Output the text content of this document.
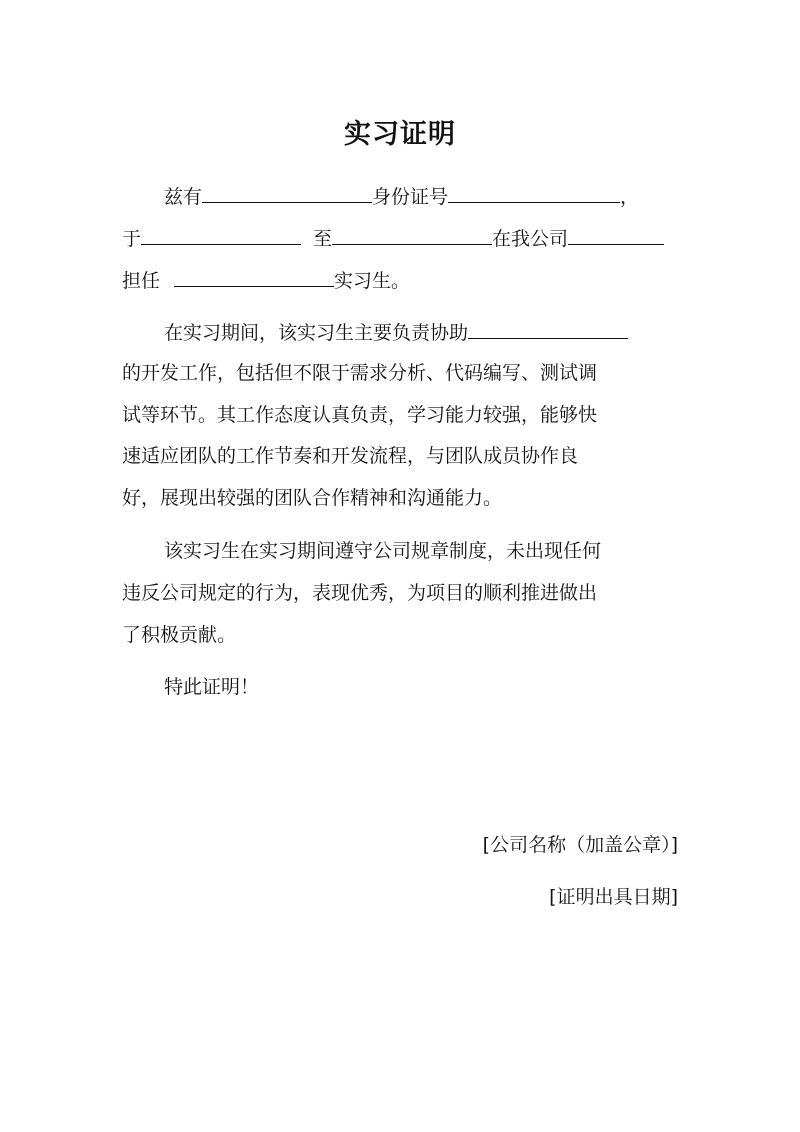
实习证明
兹有	身份证号	，
于	至	在我公司
担任	实习生。
在实习期间，该实习生主要负责协助
的开发工作，包括但不限于需求分析、代码编写、测试调
试等环节。其工作态度认真负责，学习能力较强，能够快
速适应团队的工作节奏和开发流程，与团队成员协作良
好，展现出较强的团队合作精神和沟通能力。
该实习生在实习期间遵守公司规章制度，未出现任何
违反公司规定的行为，表现优秀，为项目的顺利推进做出
了积极贡献。
特此证明！
[公司名称（加盖公章）]
[证明出具日期]
